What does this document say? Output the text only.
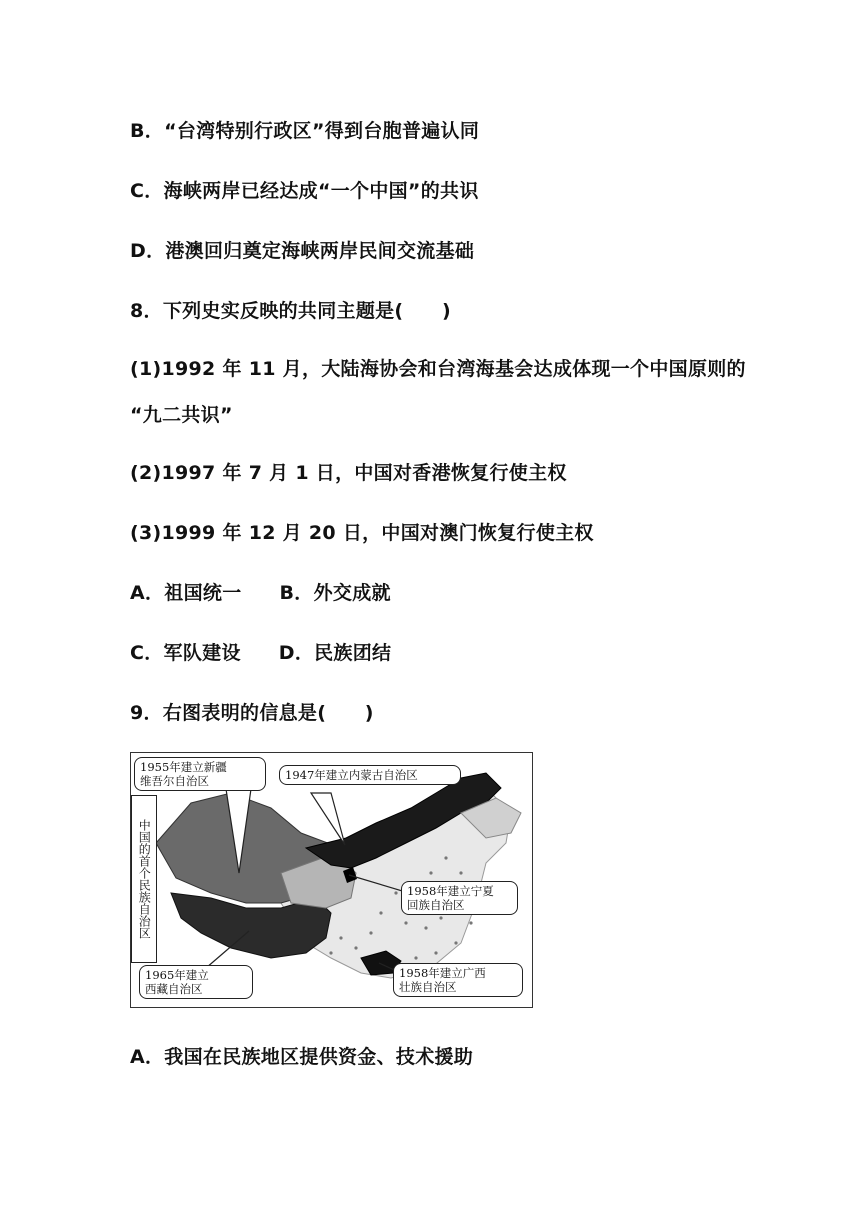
B．“台湾特别行政区”得到台胞普遍认同
C．海峡两岸已经达成“一个中国”的共识
D．港澳回归奠定海峡两岸民间交流基础
8．下列史实反映的共同主题是(　　)
(1)1992 年 11 月，大陆海协会和台湾海基会达成体现一个中国原则的
“九二共识”
(2)1997 年 7 月 1 日，中国对香港恢复行使主权
(3)1999 年 12 月 20 日，中国对澳门恢复行使主权
A．祖国统一 B．外交成就
C．军队建设 D．民族团结
9．右图表明的信息是(　　)
1955年建立新疆
维吾尔自治区	1947年建立内蒙古自治区
1958年建立宁夏
回族自治区
1965年建立
西藏自治区
1958年建立广西
壮族自治区
中国的首个民族自治区
A．我国在民族地区提供资金、技术援助
